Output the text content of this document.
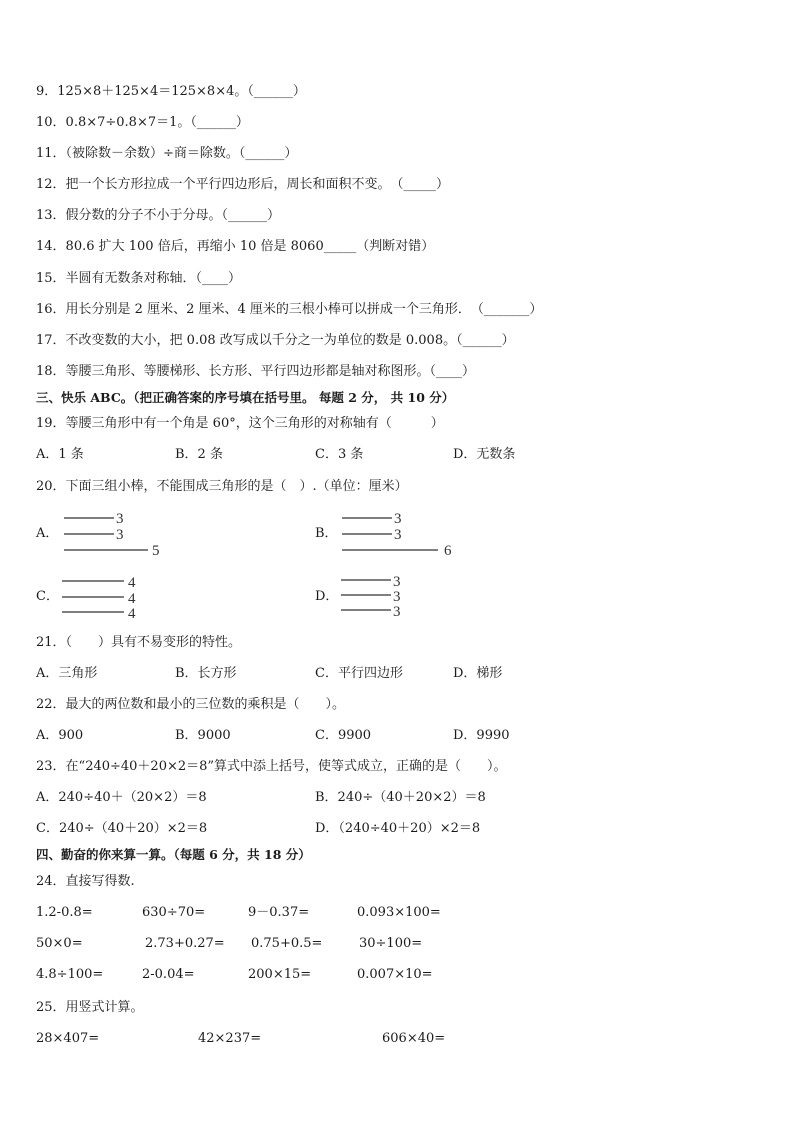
9．125×8＋125×4＝125×8×4。（______）
10．0.8×7÷0.8×7＝1。（______）
11．（被除数－余数）÷商＝除数。（______）
12．把一个长方形拉成一个平行四边形后，周长和面积不变。　（_____）
13．假分数的分子不小于分母。（______）
14．80.6 扩大 100 倍后，再缩小 10 倍是 8060_____（判断对错）
15．半圆有无数条对称轴．（____）
16．用长分别是 2 厘米、2 厘米、4 厘米的三根小棒可以拼成一个三角形．　（_______）
17．不改变数的大小，把 0.08 改写成以千分之一为单位的数是 0.008。（______）
18．等腰三角形、等腰梯形、长方形、平行四边形都是轴对称图形。（____）
三、快乐 ABC。（把正确答案的序号填在括号里。 每题 2 分， 共 10 分）
19．等腰三角形中有一个角是 60°，这个三角形的对称轴有（　　　）
A．1 条	B．2 条	C．3 条	D．无数条
20．下面三组小棒，不能围成三角形的是（　）.（单位：厘米）
A．
3
3
5
B．
3
3
6
C．
4
4
4
D．
3
3
3
21．（　　）具有不易变形的特性。
A．三角形	B．长方形	C．平行四边形	D．梯形
22．最大的两位数和最小的三位数的乘积是（　　）。
A．900	B．9000	C．9900	D．9990
23．在“240÷40＋20×2＝8”算式中添上括号，使等式成立，正确的是（　　）。
A．240÷40＋（20×2）＝8	B．240÷（40＋20×2）＝8
C．240÷（40＋20）×2＝8	D．（240÷40＋20）×2＝8
四、勤奋的你来算一算。（每题 6 分，共 18 分）
24．直接写得数.
1.2-0.8=	630÷70=	9－0.37=	0.093×100=
50×0=	2.73+0.27= 0.75+0.5=	30÷100=
4.8÷100=	2-0.04=	200×15=	0.007×10=
25．用竖式计算。
28×407=	42×237=	606×40=
